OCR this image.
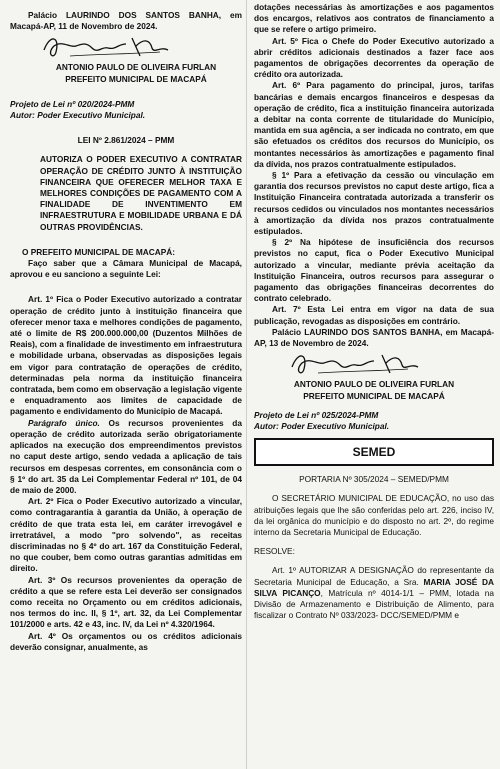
Palácio LAURINDO DOS SANTOS BANHA, em Macapá-AP, 11 de Novembro de 2024.

ANTONIO PAULO DE OLIVEIRA FURLAN

PREFEITO MUNICIPAL DE MACAPÁ

Projeto de Lei nº 020/2024-PMM

Autor: Poder Executivo Municipal.

LEI Nº 2.861/2024 – PMM

AUTORIZA O PODER EXECUTIVO A CONTRATAR OPERAÇÃO DE CRÉDITO JUNTO À INSTITUIÇÃO FINANCEIRA QUE OFERECER MELHOR TAXA E MELHORES CONDIÇÕES DE PAGAMENTO COM A FINALIDADE DE INVENTIMENTO EM INFRAESTRUTURA E MOBILIDADE URBANA E DÁ OUTRAS PROVIDÊNCIAS.

O PREFEITO MUNICIPAL DE MACAPÁ:

Faço saber que a Câmara Municipal de Macapá, aprovou e eu sanciono a seguinte Lei:

Art. 1º Fica o Poder Executivo autorizado a contratar operação de crédito junto à instituição financeira que oferecer menor taxa e melhores condições de pagamento, até o limite de R$ 200.000.000,00 (Duzentos Milhões de Reais), com a finalidade de investimento em infraestrutura e mobilidade urbana, observadas as disposições legais em vigor para contratação de operações de crédito, determinadas pela norma da instituição financeira contratada, bem como em observação a legislação vigente e enquadramento aos limites de capacidade de pagamento e endividamento do Município de Macapá.

Parágrafo único. Os recursos provenientes da operação de crédito autorizada serão obrigatoriamente aplicados na execução dos empreendimentos previstos no caput deste artigo, sendo vedada a aplicação de tais recursos em despesas correntes, em consonância com o § 1º do art. 35 da Lei Complementar Federal nº 101, de 04 de maio de 2000.

Art. 2º Fica o Poder Executivo autorizado a vincular, como contragarantia à garantia da União, à operação de crédito de que trata esta lei, em caráter irrevogável e irretratável, a modo "pro solvendo", as receitas discriminadas no § 4º do art. 167 da Constituição Federal, no que couber, bem como outras garantias admitidas em direito.

Art. 3º Os recursos provenientes da operação de crédito a que se refere esta Lei deverão ser consignados como receita no Orçamento ou em créditos adicionais, nos termos do inc. II, § 1º, art. 32, da Lei Complementar 101/2000 e arts. 42 e 43, inc. IV, da Lei nº 4.320/1964.

Art. 4º Os orçamentos ou os créditos adicionais deverão consignar, anualmente, as

dotações necessárias às amortizações e aos pagamentos dos encargos, relativos aos contratos de financiamento a que se refere o artigo primeiro.

Art. 5º Fica o Chefe do Poder Executivo autorizado a abrir créditos adicionais destinados a fazer face aos pagamentos de obrigações decorrentes da operação de crédito ora autorizada.

Art. 6º Para pagamento do principal, juros, tarifas bancárias e demais encargos financeiros e despesas da operação de crédito, fica a instituição financeira autorizada a debitar na conta corrente de titularidade do Município, mantida em sua agência, a ser indicada no contrato, em que são efetuados os créditos dos recursos do Município, os montantes necessários às amortizações e pagamento final da dívida, nos prazos contratualmente estipulados.

§ 1º Para a efetivação da cessão ou vinculação em garantia dos recursos previstos no caput deste artigo, fica a Instituição Financeira contratada autorizada a transferir os recursos cedidos ou vinculados nos montantes necessários à amortização da dívida nos prazos contratualmente estipulados.

§ 2º Na hipótese de insuficiência dos recursos previstos no caput, fica o Poder Executivo Municipal autorizado a vincular, mediante prévia aceitação da Instituição Financeira, outros recursos para assegurar o pagamento das obrigações financeiras decorrentes do contrato celebrado.

Art. 7º Esta Lei entra em vigor na data de sua publicação, revogadas as disposições em contrário.

Palácio LAURINDO DOS SANTOS BANHA, em Macapá-AP, 13 de Novembro de 2024.

ANTONIO PAULO DE OLIVEIRA FURLAN

PREFEITO MUNICIPAL DE MACAPÁ

Projeto de Lei nº 025/2024-PMM

Autor: Poder Executivo Municipal.

SEMED

PORTARIA Nº 305/2024 – SEMED/PMM

O SECRETÁRIO MUNICIPAL DE EDUCAÇÃO, no uso das atribuições legais que lhe são conferidas pelo art. 226, inciso IV, da lei orgânica do município e do disposto no art. 2º, do regime interno da Secretaria Municipal de Educação.

RESOLVE:

Art. 1º AUTORIZAR A DESIGNAÇÃO do representante da Secretaria Municipal de Educação, a Sra. MARIA JOSÉ DA SILVA PICANÇO, Matrícula nº 4014-1/1 – PMM, lotada na Divisão de Armazenamento e Distribuição de Alimento, para fiscalizar o Contrato Nº 033/2023- DCC/SEMED/PMM e
